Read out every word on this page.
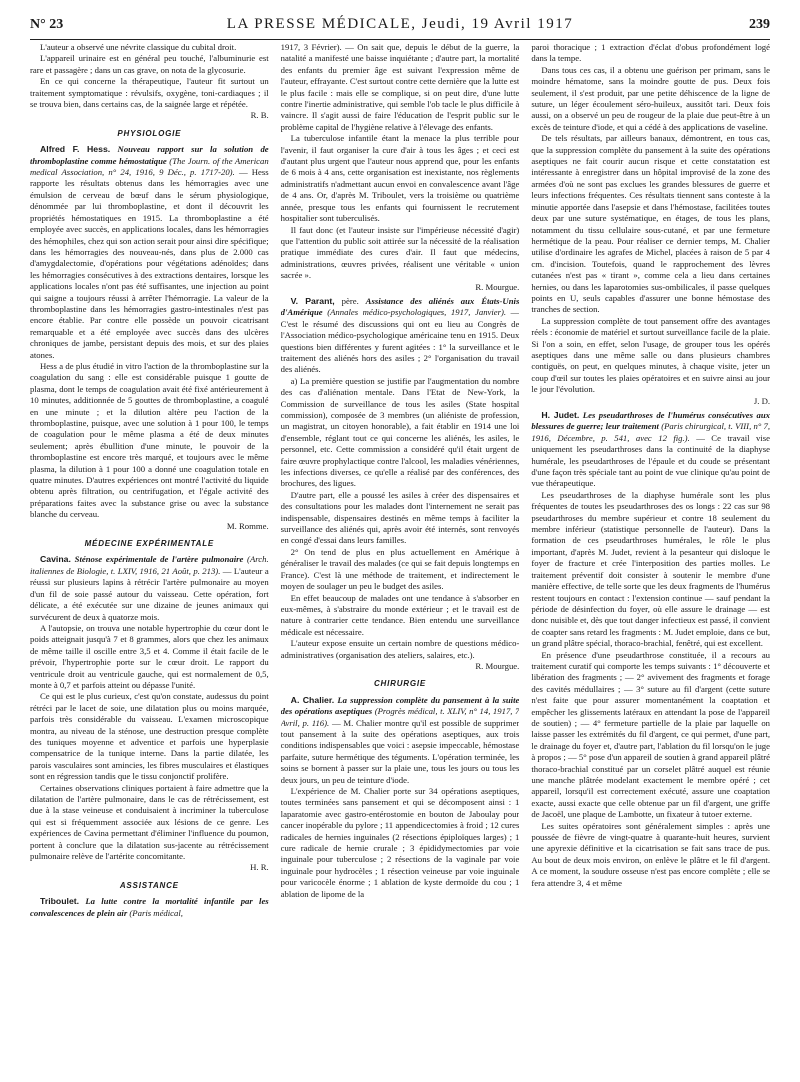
N° 23	LA PRESSE MÉDICALE, Jeudi, 19 Avril 1917	239

L'auteur a observé une névrite classique du cubital droit.

L'appareil urinaire est en général peu touché, l'albuminurie est rare et passagère ; dans un cas grave, on nota de la glycosurie.

En ce qui concerne la thérapeutique, l'auteur fit surtout un traitement symptomatique : révulsifs, oxygène, toni-cardiaques ; il se trouva bien, dans certains cas, de la saignée large et répétée.

R. B.

PHYSIOLOGIE

Alfred F. Hess. Nouveau rapport sur la solution de thromboplastine comme hémostatique (The Journ. of the American medical Association, n° 24, 1916, 9 Déc., p. 1717-20). — Hess rapporte les résultats obtenus dans les hémorragies avec une émulsion de cerveau de bœuf dans le sérum physiologique, dénommée par lui thromboplastine, et dont il découvrit les propriétés hémostatiques en 1915. La thromboplastine a été employée avec succès, en applications locales, dans les hémorragies des hémophiles, chez qui son action serait pour ainsi dire spécifique; dans les hémorragies des nouveau-nés, dans plus de 2.000 cas d'amygdalectomie, d'opérations pour végétations adénoïdes; dans les hémorragies consécutives à des extractions dentaires, lorsque les applications locales n'ont pas été suffisantes, une injection au point qui saigne a toujours réussi à arrêter l'hémorragie. La valeur de la thromboplastine dans les hémorragies gastro-intestinales n'est pas encore établie. Par contre elle possède un pouvoir cicatrisant remarquable et a été employée avec succès dans des ulcères chroniques de jambe, persistant depuis des mois, et sur des plaies atones.

Hess a de plus étudié in vitro l'action de la thromboplastine sur la coagulation du sang : elle est considérable puisque 1 goutte de plasma, dont le temps de coagulation avait été fixé antérieurement à 10 minutes, additionnée de 5 gouttes de thromboplastine, a coagulé en une minute ; et la dilution altère peu l'action de la thromboplastine, puisque, avec une solution à 1 pour 100, le temps de coagulation pour le même plasma a été de deux minutes seulement; après ébullition d'une minute, le pouvoir de la thromboplastine est encore très marqué, et toujours avec le même plasma, la dilution à 1 pour 100 a donné une coagulation totale en quatre minutes. D'autres expériences ont montré l'activité du liquide obtenu après filtration, ou centrifugation, et l'égale activité des préparations faites avec la substance grise ou avec la substance blanche du cerveau.

M. Romme.

MÉDECINE EXPÉRIMENTALE

Cavina. Sténose expérimentale de l'artère pulmonaire (Arch. italiennes de Biologie, t. LXIV, 1916, 21 Août, p. 213). — L'auteur a réussi sur plusieurs lapins à rétrécir l'artère pulmonaire au moyen d'un fil de soie passé autour du vaisseau. Cette opération, fort délicate, a été exécutée sur une dizaine de jeunes animaux qui survécurent de deux à quatorze mois.

A l'autopsie, on trouva une notable hypertrophie du cœur dont le poids atteignait jusqu'à 7 et 8 grammes, alors que chez les animaux de même taille il oscille entre 3,5 et 4. Comme il était facile de le prévoir, l'hypertrophie porte sur le cœur droit. Le rapport du ventricule droit au ventricule gauche, qui est normalement de 0,5, monte à 0,7 et parfois atteint ou dépasse l'unité.

Ce qui est le plus curieux, c'est qu'on constate, audessus du point rétréci par le lacet de soie, une dilatation plus ou moins marquée, parfois très considérable du vaisseau. L'examen microscopique montra, au niveau de la sténose, une destruction presque complète des tuniques moyenne et adventice et parfois une hyperplasie compensatrice de la tunique interne. Dans la partie dilatée, les parois vasculaires sont amincies, les fibres musculaires et élastiques sont en régression tandis que le tissu conjonctif prolifère.

Certaines observations cliniques portaient à faire admettre que la dilatation de l'artère pulmonaire, dans le cas de rétrécissement, est due à la stase veineuse et conduisaient à incriminer la tuberculose qui est si fréquemment associée aux lésions de ce genre. Les expériences de Cavina permettant d'éliminer l'influence du poumon, portent à conclure que la dilatation sus-jacente au rétrécissement pulmonaire relève de l'artérite concomitante.

H. R.

ASSISTANCE

Triboulet. La lutte contre la mortalité infantile par les convalescences de plein air (Paris médical,

1917, 3 Février). — On sait que, depuis le début de la guerre, la natalité a manifesté une baisse inquiétante ; d'autre part, la mortalité des enfants du premier âge est suivant l'expression même de l'auteur, effrayante. C'est surtout contre cette dernière que la lutte est le plus facile : mais elle se complique, si on peut dire, d'une lutte contre l'inertie administrative, qui semble l'ob tacle le plus difficile à vaincre. Il s'agit aussi de faire l'éducation de l'esprit public sur le problème capital de l'hygiène relative à l'élevage des enfants.

La tuberculose infantile étant la menace la plus terrible pour l'avenir, il faut organiser la cure d'air à tous les âges ; et ceci est d'autant plus urgent que l'auteur nous apprend que, pour les enfants de 6 mois à 4 ans, cette organisation est inexistante, nos règlements administratifs n'admettant aucun envoi en convalescence avant l'âge de 4 ans. Or, d'après M. Triboulet, vers la troisième ou quatrième année, presque tous les enfants qui fournissent le recrutement hospitalier sont tuberculisés.

Il faut donc (et l'auteur insiste sur l'impérieuse nécessité d'agir) que l'attention du public soit attirée sur la nécessité de la réalisation pratique immédiate des cures d'air. Il faut que médecins, administrations, œuvres privées, réalisent une véritable « union sacrée ».

R. Mourgue.

V. Parant, père. Assistance des aliénés aux États-Unis d'Amérique (Annales médico-psychologiques, 1917, Janvier). — C'est le résumé des discussions qui ont eu lieu au Congrès de l'Association médico-psychologique américaine tenu en 1915. Deux questions bien différentes y furent agitées : 1° la surveillance et le traitement des aliénés hors des asiles ; 2° l'organisation du travail des aliénés.

a) La première question se justifie par l'augmentation du nombre des cas d'aliénation mentale. Dans l'Etat de New-York, la Commission de surveillance de tous les asiles (State hospital commission), composée de 3 membres (un aliéniste de profession, un magistrat, un citoyen honorable), a fait établir en 1914 une loi d'ensemble, réglant tout ce qui concerne les aliénés, les asiles, le personnel, etc. Cette commission a considéré qu'il était urgent de faire œuvre prophylactique contre l'alcool, les maladies vénériennes, les infections diverses, ce qu'elle a réalisé par des conférences, des brochures, des ligues.

D'autre part, elle a poussé les asiles à créer des dispensaires et des consultations pour les malades dont l'internement ne serait pas indispensable, dispensaires destinés en même temps à faciliter la surveillance des aliénés qui, après avoir été internés, sont renvoyés en congé d'essai dans leurs familles.

2° On tend de plus en plus actuellement en Amérique à généraliser le travail des malades (ce qui se fait depuis longtemps en France). C'est là une méthode de traitement, et indirectement le moyen de soulager un peu le budget des asiles.

En effet beaucoup de malades ont une tendance à s'absorber en eux-mêmes, à s'abstraire du monde extérieur ; et le travail est de nature à contrarier cette tendance. Bien entendu une surveillance médicale est nécessaire.

L'auteur expose ensuite un certain nombre de questions médico-administratives (organisation des ateliers, salaires, etc.).

R. Mourgue.

CHIRURGIE

A. Chalier. La suppression complète du pansement à la suite des opérations aseptiques (Progrès médical, t. XLIV, n° 14, 1917, 7 Avril, p. 116). — M. Chalier montre qu'il est possible de supprimer tout pansement à la suite des opérations aseptiques, aux trois conditions indispensables que voici : asepsie impeccable, hémostase parfaite, suture hermétique des téguments. L'opération terminée, les soins se bornent à passer sur la plaie une, tous les jours ou tous les deux jours, un peu de teinture d'iode.

L'expérience de M. Chalier porte sur 34 opérations aseptiques, toutes terminées sans pansement et qui se décomposent ainsi : 1 laparatomie avec gastro-entérostomie en bouton de Jaboulay pour cancer inopérable du pylore ; 11 appendicectomies à froid ; 12 cures radicales de hernies inguinales (2 résections épiploïques larges) ; 1 cure radicale de hernie crurale ; 3 épididymectomies par voie inguinale pour tuberculose ; 2 résections de la vaginale par voie inguinale pour hydrocèles ; 1 résection veineuse par voie inguinale pour varicocèle énorme ; 1 ablation de kyste dermoïde du cou ; 1 ablation de lipome de la

paroi thoracique ; 1 extraction d'éclat d'obus profondément logé dans la tempe.

Dans tous ces cas, il a obtenu une guérison per primam, sans le moindre hématome, sans la moindre goutte de pus. Deux fois seulement, il s'est produit, par une petite déhiscence de la ligne de suture, un léger écoulement séro-huileux, aussitôt tari. Deux fois aussi, on a observé un peu de rougeur de la plaie due peut-être à un excès de teinture d'iode, et qui a cédé à des applications de vaseline.

De tels résultats, par ailleurs banaux, démontrent, en tous cas, que la suppression complète du pansement à la suite des opérations aseptiques ne fait courir aucun risque et cette constatation est intéressante à enregistrer dans un hôpital improvisé de la zone des armées d'où ne sont pas exclues les grandes blessures de guerre et leurs infections fréquentes. Ces résultats tiennent sans conteste à la minutie apportée dans l'asepsie et dans l'hémostase, facilitées toutes deux par une suture systématique, en étages, de tous les plans, notamment du tissu cellulaire sous-cutané, et par une fermeture hermétique de la peau. Pour réaliser ce dernier temps, M. Chalier utilise d'ordinaire les agrafes de Michel, placées à raison de 5 par 4 cm. d'incision. Toutefois, quand le rapprochement des lèvres cutanées n'est pas « tirant », comme cela a lieu dans certaines hernies, ou dans les laparotomies sus-ombilicales, il passe quelques points en U, seuls capables d'assurer une bonne hémostase des tranches de section.

La suppression complète de tout pansement offre des avantages réels : économie de matériel et surtout surveillance facile de la plaie. Si l'on a soin, en effet, selon l'usage, de grouper tous les opérés aseptiques dans une même salle ou dans plusieurs chambres contiguës, on peut, en quelques minutes, à chaque visite, jeter un coup d'œil sur toutes les plaies opératoires et en suivre ainsi au jour le jour l'évolution.

J. D.

H. Judet. Les pseudarthroses de l'humérus consécutives aux blessures de guerre; leur traitement (Paris chirurgical, t. VIII, n° 7, 1916, Décembre, p. 541, avec 12 fig.). — Ce travail vise uniquement les pseudarthroses dans la continuité de la diaphyse humérale, les pseudarthroses de l'épaule et du coude se présentant d'une façon très spéciale tant au point de vue clinique qu'au point de vue thérapeutique.

Les pseudarthroses de la diaphyse humérale sont les plus fréquentes de toutes les pseudarthroses des os longs : 22 cas sur 98 pseudarthroses du membre supérieur et contre 18 seulement du membre inférieur (statistique personnelle de l'auteur). Dans la formation de ces pseudarthroses humérales, le rôle le plus important, d'après M. Judet, revient à la pesanteur qui disloque le foyer de fracture et crée l'interposition des parties molles. Le traitement préventif doit consister à soutenir le membre d'une manière effective, de telle sorte que les deux fragments de l'humérus restent toujours en contact : l'extension continue — sauf pendant la période de désinfection du foyer, où elle assure le drainage — est donc nuisible et, dès que tout danger infectieux est passé, il convient de coapter sans retard les fragments : M. Judet emploie, dans ce but, un grand plâtre spécial, thoraco-brachial, fenêtré, qui est excellent.

En présence d'une pseudarthrose constituée, il a recours au traitement curatif qui comporte les temps suivants : 1° découverte et libération des fragments ; — 2° avivement des fragments et forage des cavités médullaires ; — 3° suture au fil d'argent (cette suture n'est faite que pour assurer momentanément la coaptation et empêcher les glissements latéraux en attendant la pose de l'appareil de soutien) ; — 4° fermeture partielle de la plaie par laquelle on laisse passer les extrémités du fil d'argent, ce qui permet, d'une part, le drainage du foyer et, d'autre part, l'ablation du fil lorsqu'on le juge à propos ; — 5° pose d'un appareil de soutien à grand appareil plâtré thoraco-brachial constitué par un corselet plâtré auquel est réunie une manche plâtrée modelant exactement le membre opéré ; cet appareil, lorsqu'il est correctement exécuté, assure une coaptation exacte, aussi exacte que celle obtenue par un fil d'argent, une griffe de Jacoël, une plaque de Lambotte, un fixateur à tutoer externe.

Les suites opératoires sont généralement simples : après une poussée de fièvre de vingt-quatre à quarante-huit heures, survient une apyrexie définitive et la cicatrisation se fait sans trace de pus. Au bout de deux mois environ, on enlève le plâtre et le fil d'argent. A ce moment, la soudure osseuse n'est pas encore complète ; elle se fera attendre 3, 4 et même
